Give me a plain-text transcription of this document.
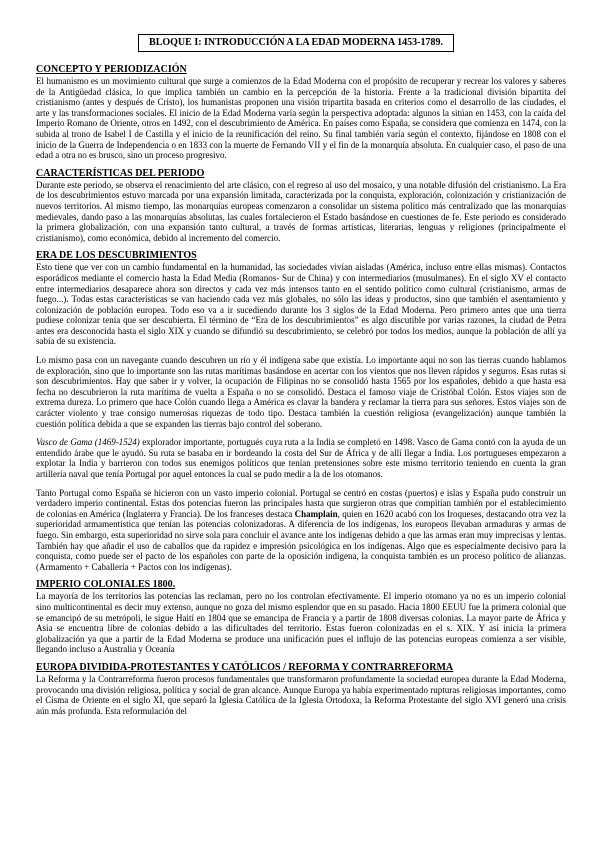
BLOQUE I: INTRODUCCIÓN A LA EDAD MODERNA 1453-1789.
CONCEPTO Y PERIODIZACIÓN

El humanismo es un movimiento cultural que surge a comienzos de la Edad Moderna con el propósito de recuperar y recrear los valores y saberes de la Antigüedad clásica, lo que implica también un cambio en la percepción de la historia. Frente a la tradicional división bipartita del cristianismo (antes y después de Cristo), los humanistas proponen una visión tripartita basada en criterios como el desarrollo de las ciudades, el arte y las transformaciones sociales. El inicio de la Edad Moderna varía según la perspectiva adoptada: algunos la sitúan en 1453, con la caída del Imperio Romano de Oriente, otros en 1492, con el descubrimiento de América. En países como España, se considera que comienza en 1474, con la subida al trono de Isabel I de Castilla y el inicio de la reunificación del reino. Su final también varía según el contexto, fijándose en 1808 con el inicio de la Guerra de Independencia o en 1833 con la muerte de Fernando VII y el fin de la monarquía absoluta. En cualquier caso, el paso de una edad a otra no es brusco, sino un proceso progresivo.

CARACTERÍSTICAS DEL PERIODO

Durante este periodo, se observa el renacimiento del arte clásico, con el regreso al uso del mosaico, y una notable difusión del cristianismo. La Era de los descubrimientos estuvo marcada por una expansión limitada, caracterizada por la conquista, exploración, colonización y cristianización de nuevos territorios. Al mismo tiempo, las monarquías europeas comenzaron a consolidar un sistema político más centralizado que las monarquías medievales, dando paso a las monarquías absolutas, las cuales fortalecieron el Estado basándose en cuestiones de fe. Este periodo es considerado la primera globalización, con una expansión tanto cultural, a través de formas artísticas, literarias, lenguas y religiones (principalmente el cristianismo), como económica, debido al incremento del comercio.

ERA DE LOS DESCUBRIMIENTOS

Esto tiene que ver con un cambio fundamental en la humanidad, las sociedades vivían aisladas (América, incluso entre ellas mismas). Contactos esporádicos mediante el comercio hasta la Edad Media (Romanos- Sur de China) y con intermediarios (musulmanes). En el siglo XV el contacto entre intermediarios desaparece ahora son directos y cada vez más intensos tanto en el sentido político como cultural (cristianismo, armas de fuego...). Todas estas características se van haciendo cada vez más globales, no sólo las ideas y productos, sino que también el asentamiento y colonización de población europea. Todo eso va a ir sucediendo durante los 3 siglos de la Edad Moderna. Pero primero antes que una tierra pudiese colonizar tenía que ser descubierta. El término de “Era de los descubrimientos” es algo discutible por varias razones, la ciudad de Petra antes era desconocida hasta el siglo XIX y cuando se difundió su descubrimiento, se celebró por todos los medios, aunque la población de allí ya sabía de su existencia.

Lo mismo pasa con un navegante cuando descubren un río y él indígena sabe que existía. Lo importante aquí no son las tierras cuando hablamos de exploración, sino que lo importante son las rutas marítimas basándose en acertar con los vientos que nos lleven rápidos y seguros. Esas rutas si son descubrimientos. Hay que saber ir y volver, la ocupación de Filipinas no se consolidó hasta 1565 por los españoles, debido a que hasta esa fecha no descubrieron la ruta marítima de vuelta a España o no se consolidó. Destaca el famoso viaje de Cristóbal Colón. Estos viajes son de extrema dureza. Lo primero que hace Colón cuando llega a América es clavar la bandera y reclamar la tierra para sus señores. Estos viajes son de carácter violento y trae consigo numerosas riquezas de todo tipo. Destaca también la cuestión religiosa (evangelización) aunque también la cuestión política debida a que se expanden las tierras bajo control del soberano.

Vasco de Gama (1469-1524) explorador importante, portugués cuya ruta a la India se completó en 1498. Vasco de Gama contó con la ayuda de un entendido árabe que le ayudó. Su ruta se basaba en ir bordeando la costa del Sur de África y de allí llegar a India. Los portugueses empezaron a explotar la India y barrieron con todos sus enemigos políticos que tenían pretensiones sobre este mismo territorio teniendo en cuenta la gran artillería naval que tenía Portugal por aquel entonces la cual se pudo medir a la de los otomanos.

Tanto Portugal como España se hicieron con un vasto imperio colonial. Portugal se centró en costas (puertos) e islas y España pudo construir un verdadero imperio continental. Estas dos potencias fueron las principales hasta que surgieron otras que compitían también por el establecimiento de colonias en América (Inglaterra y Francia). De los franceses destaca Champlain, quien en 1620 acabó con los Iroqueses, destacando otra vez la superioridad armamentística que tenían las potencias colonizadoras. A diferencia de los indígenas, los europeos llevaban armaduras y armas de fuego. Sin embargo, esta superioridad no sirve sola para concluir el avance ante los indígenas debido a que las armas eran muy imprecisas y lentas. También hay que añadir el uso de caballos que da rapidez e impresión psicológica en los indígenas. Algo que es especialmente decisivo para la conquista, como puede ser el pacto de los españoles con parte de la oposición indígena, la conquista también es un proceso político de alianzas. (Armamento + Caballería + Pactos con los indígenas).

IMPERIO COLONIALES 1800.

La mayoría de los territorios las potencias las reclaman, pero no los controlan efectivamente. El imperio otomano ya no es un imperio colonial sino multicontinental es decir muy extenso, aunque no goza del mismo esplendor que en su pasado. Hacia 1800 EEUU fue la primera colonial que se emancipó de su metrópoli, le sigue Haití en 1804 que se emancipa de Francia y a partir de 1808 diversas colonias. La mayor parte de África y Asia se encuentra libre de colonias debido a las dificultades del territorio. Estas fueron colonizadas en el s. XIX. Y así inicia la primera globalización ya que a partir de la Edad Moderna se produce una unificación pues el influjo de las potencias europeas comienza a ser visible, llegando incluso a Australia y Oceanía

EUROPA DIVIDIDA-PROTESTANTES Y CATÓLICOS / REFORMA Y CONTRARREFORMA

La Reforma y la Contrarreforma fueron procesos fundamentales que transformaron profundamente la sociedad europea durante la Edad Moderna, provocando una división religiosa, política y social de gran alcance. Aunque Europa ya había experimentado rupturas religiosas importantes, como el Cisma de Oriente en el siglo XI, que separó la Iglesia Católica de la Iglesia Ortodoxa, la Reforma Protestante del siglo XVI generó una crisis aún más profunda. Esta reformulación del
